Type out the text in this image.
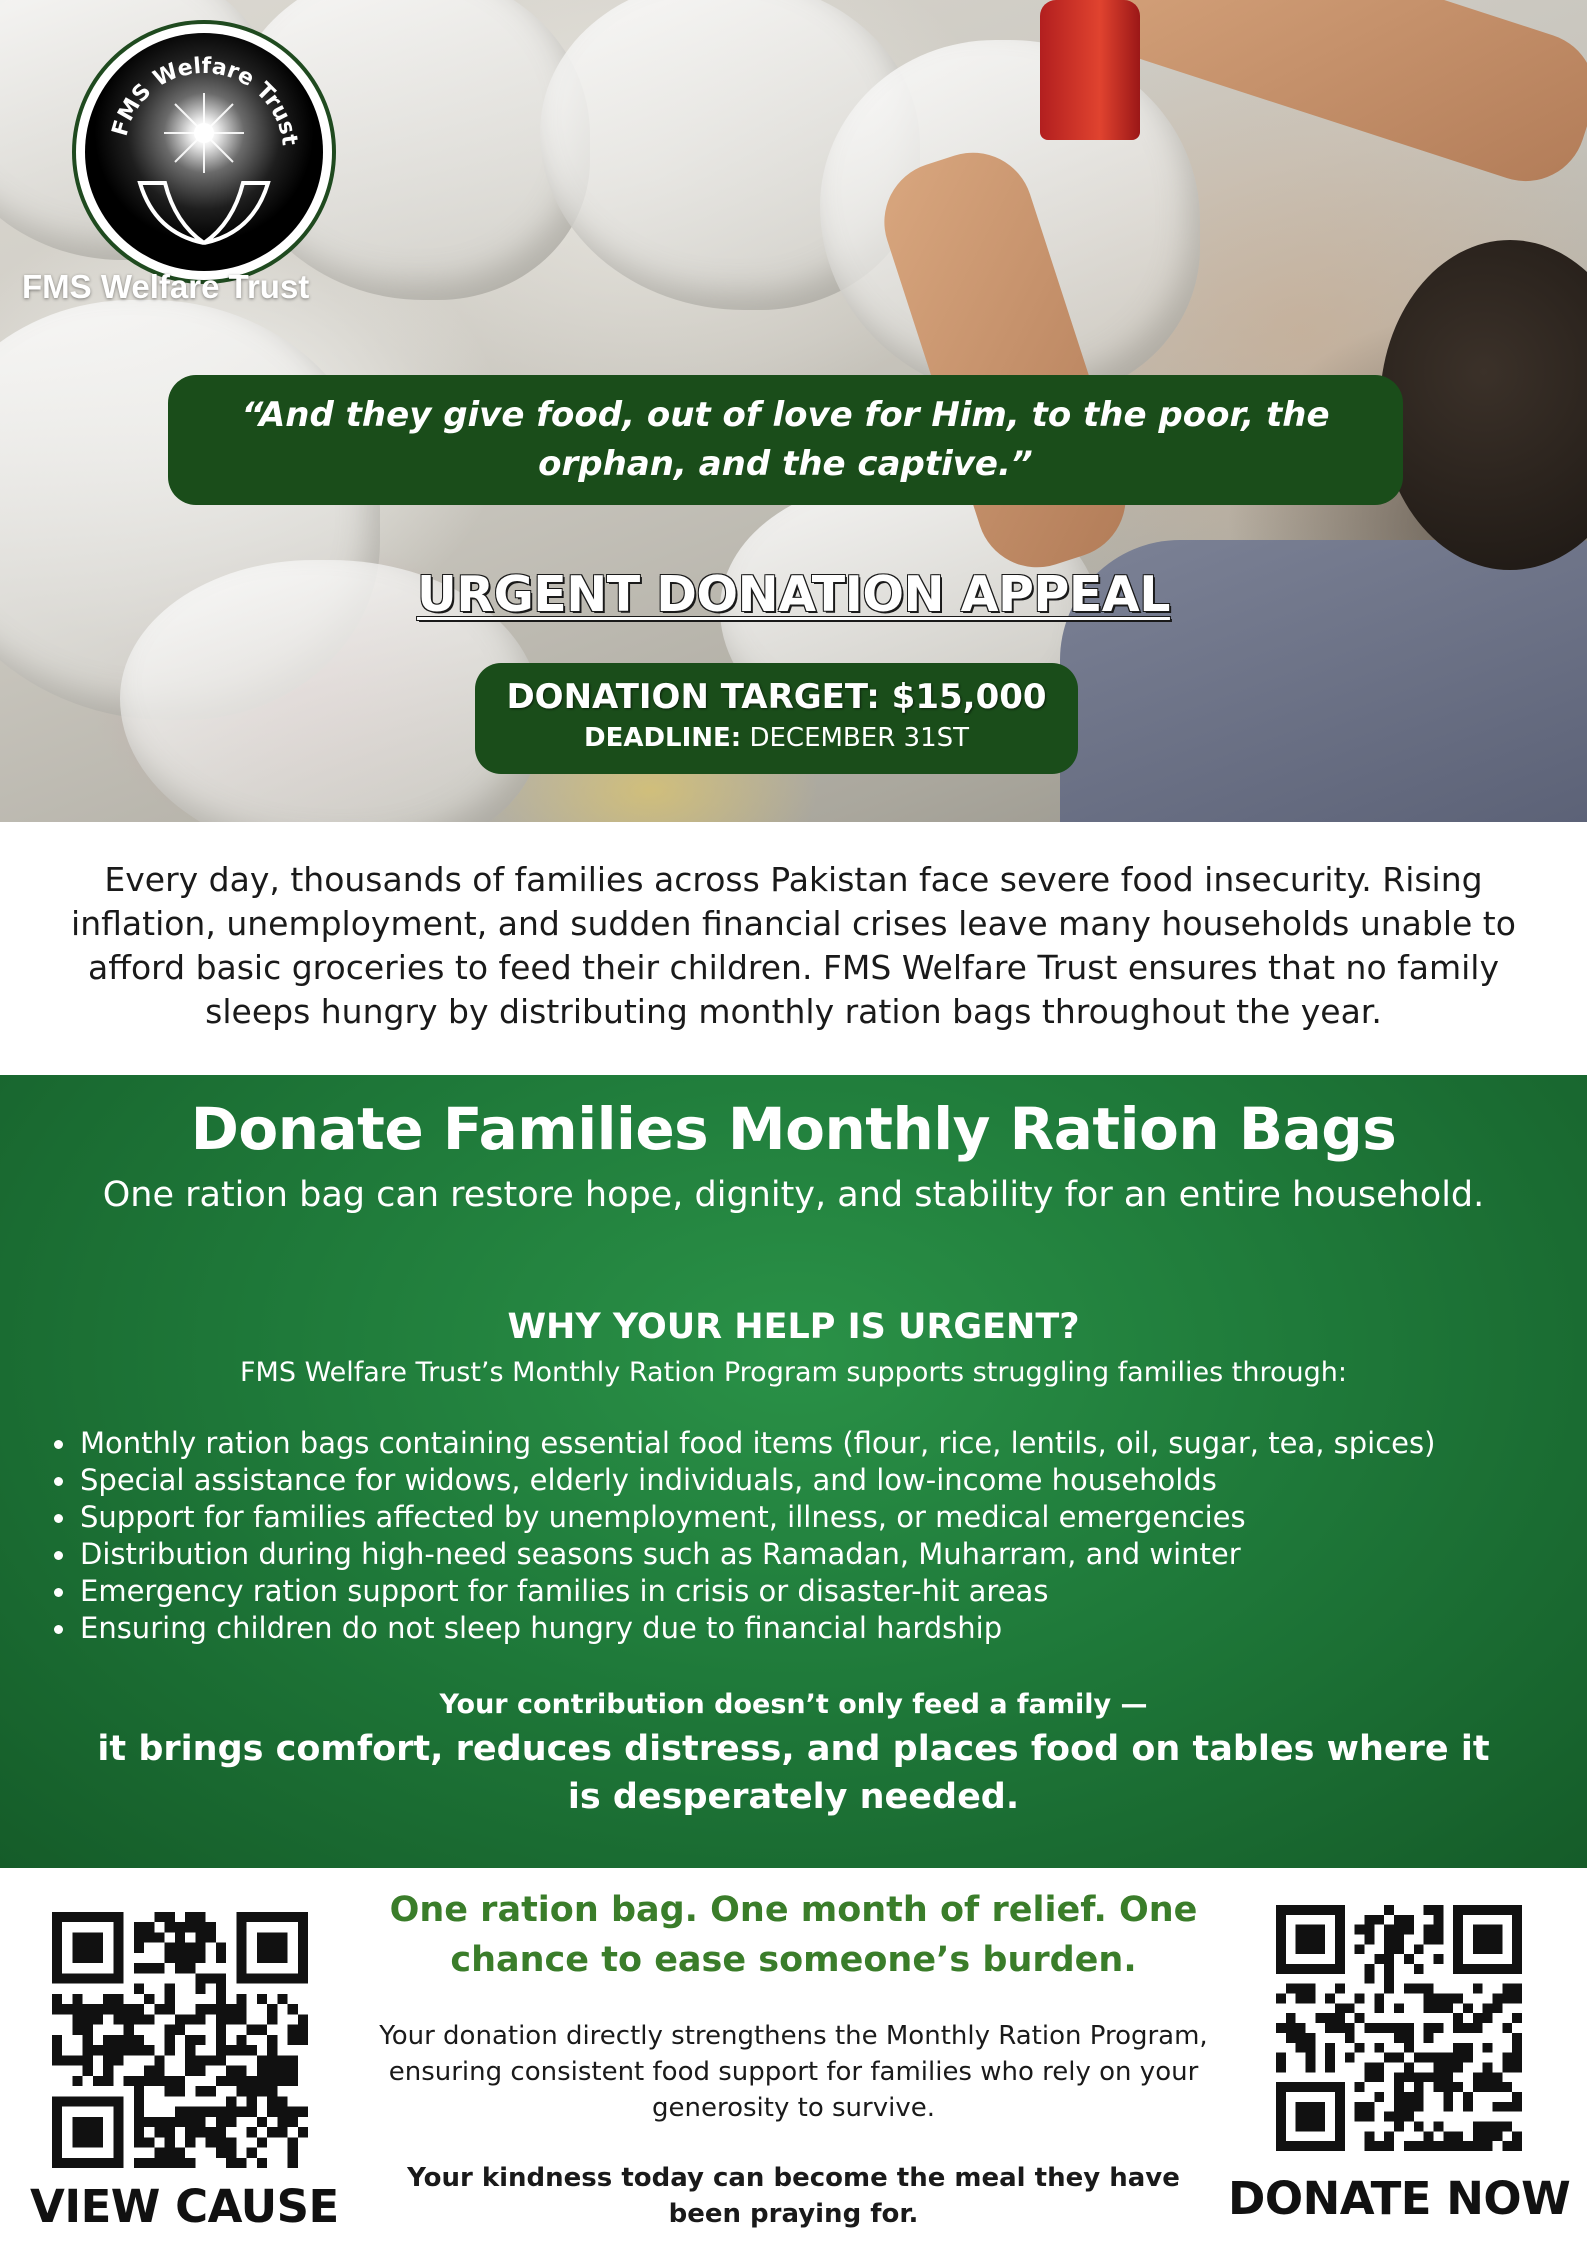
FMS Welfare Trust
FMS Welfare Trust
“And they give food, out of love for Him, to the poor, the orphan, and the captive.”
URGENT DONATION APPEAL
DONATION TARGET: $15,000
DEADLINE: DECEMBER 31ST

Every day, thousands of families across Pakistan face severe food insecurity. Rising inflation, unemployment, and sudden financial crises leave many households unable to afford basic groceries to feed their children. FMS Welfare Trust ensures that no family sleeps hungry by distributing monthly ration bags throughout the year.

Donate Families Monthly Ration Bags
One ration bag can restore hope, dignity, and stability for an entire household.
WHY YOUR HELP IS URGENT?
FMS Welfare Trust’s Monthly Ration Program supports struggling families through:
Monthly ration bags containing essential food items (flour, rice, lentils, oil, sugar, tea, spices)
Special assistance for widows, elderly individuals, and low-income households
Support for families affected by unemployment, illness, or medical emergencies
Distribution during high-need seasons such as Ramadan, Muharram, and winter
Emergency ration support for families in crisis or disaster-hit areas
Ensuring children do not sleep hungry due to financial hardship
Your contribution doesn’t only feed a family —
it brings comfort, reduces distress, and places food on tables where it is desperately needed.
VIEW CAUSE
One ration bag. One month of relief. One chance to ease someone’s burden.

Your donation directly strengthens the Monthly Ration Program, ensuring consistent food support for families who rely on your generosity to survive.

Your kindness today can become the meal they have been praying for.	DONATE NOW
